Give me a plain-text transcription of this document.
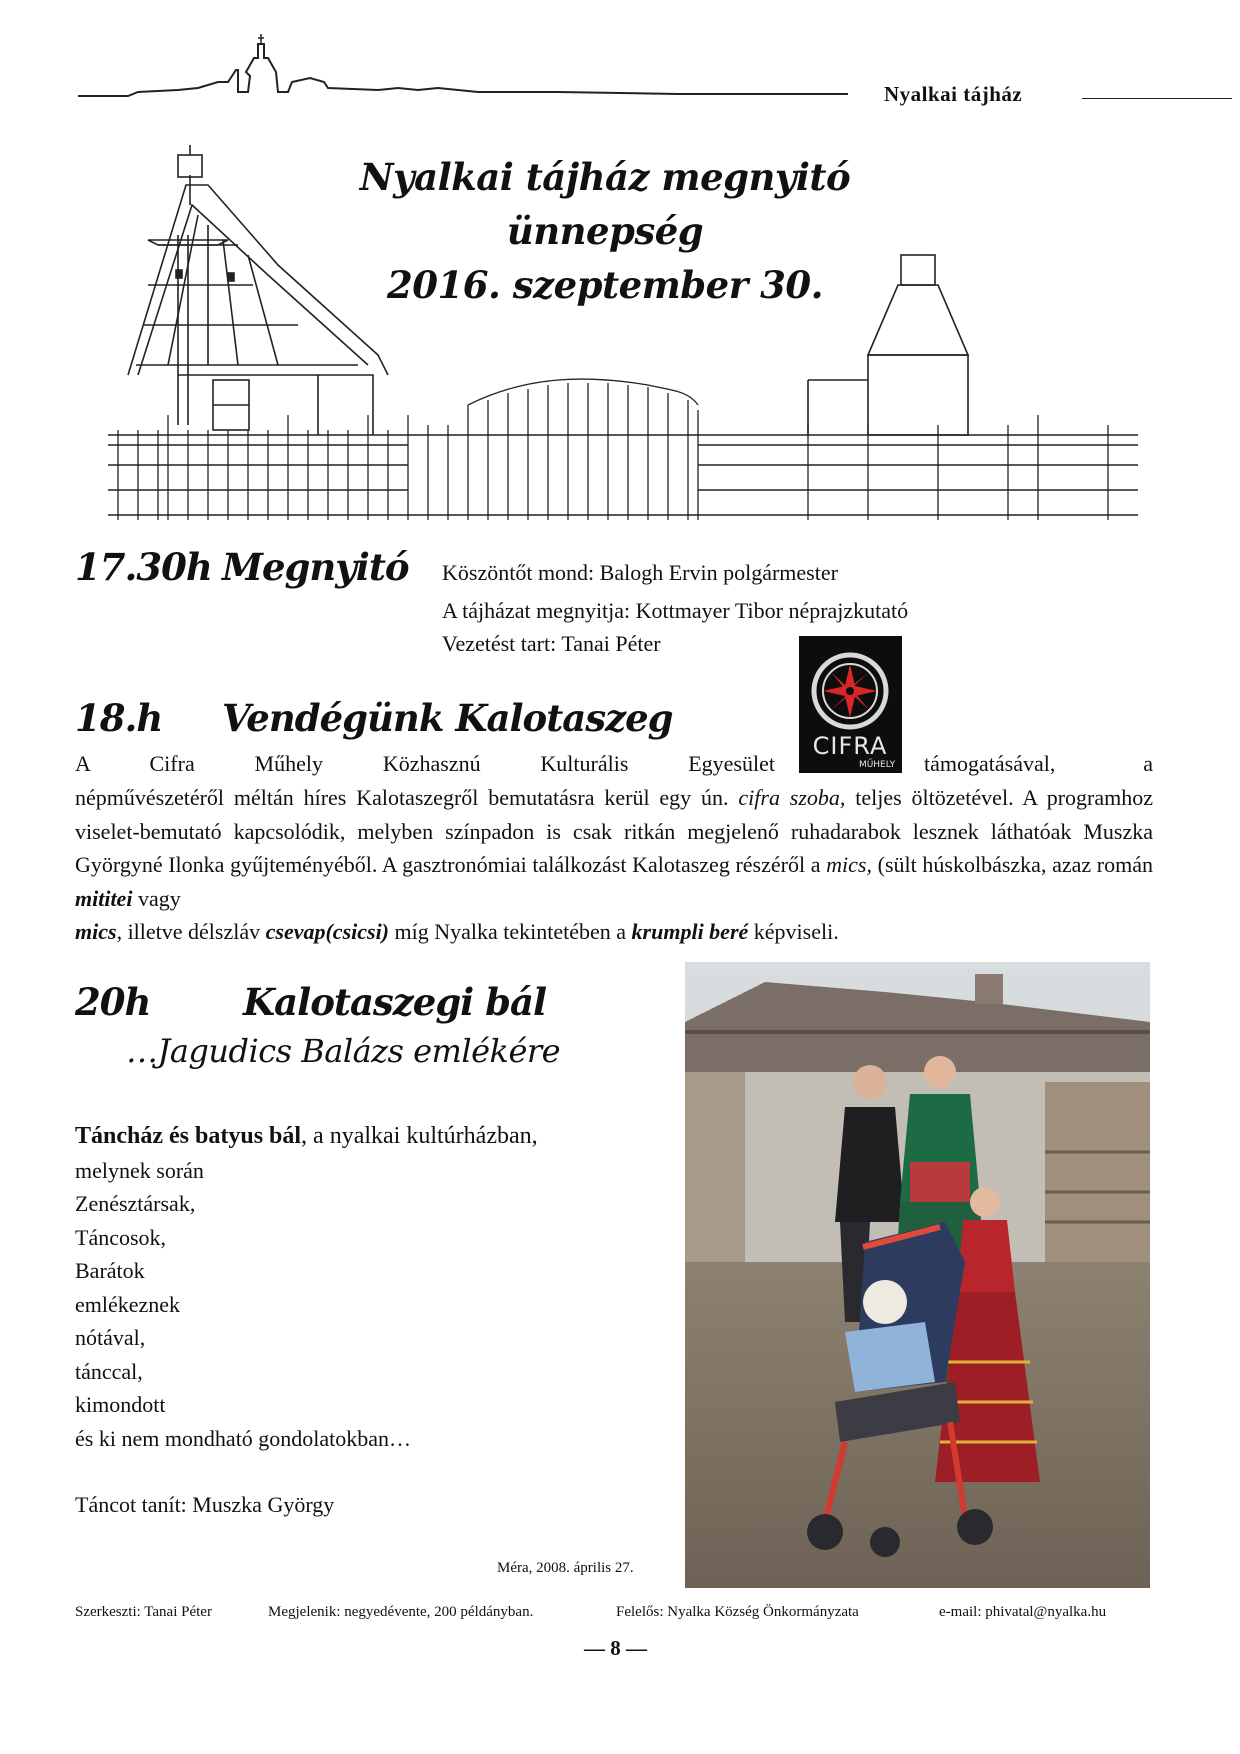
Nyalkai tájház
Nyalkai tájház megnyitó ünnepség
2016. szeptember 30.
17.30h Megnyitó Köszöntőt mond: Balogh Ervin polgármester
A tájházat megnyitja: Kottmayer Tibor néprajzkutató
Vezetést tart: Tanai Péter
18.h Vendégünk Kalotaszeg
CIFRA
MŰHELY
A Cifra Műhely Közhasznú Kulturális Egyesület	támogatásával, a

népművészetéről méltán híres Kalotaszegről bemutatásra kerül egy ún. cifra szoba, teljes öltözetével. A programhoz viselet-bemutató kapcsolódik, melyben színpadon is csak ritkán megjelenő ruhadarabok lesznek láthatóak Muszka Györgyné Ilonka gyűjteményéből. A gasztronómiai találkozást Kalotaszeg részéről a mics, (sült húskolbászka, azaz román mititei vagy
mics, illetve délszláv csevap(csicsi) míg Nyalka tekintetében a krumpli beré képviseli.

20h	Kalotaszegi bál
…Jagudics Balázs emlékére
Táncház és batyus bál, a nyalkai kultúrházban,
melynek során
Zenésztársak,
Táncosok,
Barátok
emlékeznek
nótával,
tánccal,
kimondott
és ki nem mondható gondolatokban…
Táncot tanít: Muszka György
Méra, 2008. április 27.
Szerkeszti: Tanai Péter	Megjelenik: negyedévente, 200 példányban.	Felelős: Nyalka Község Önkormányzata	e-mail: phivatal@nyalka.hu
— 8 —
